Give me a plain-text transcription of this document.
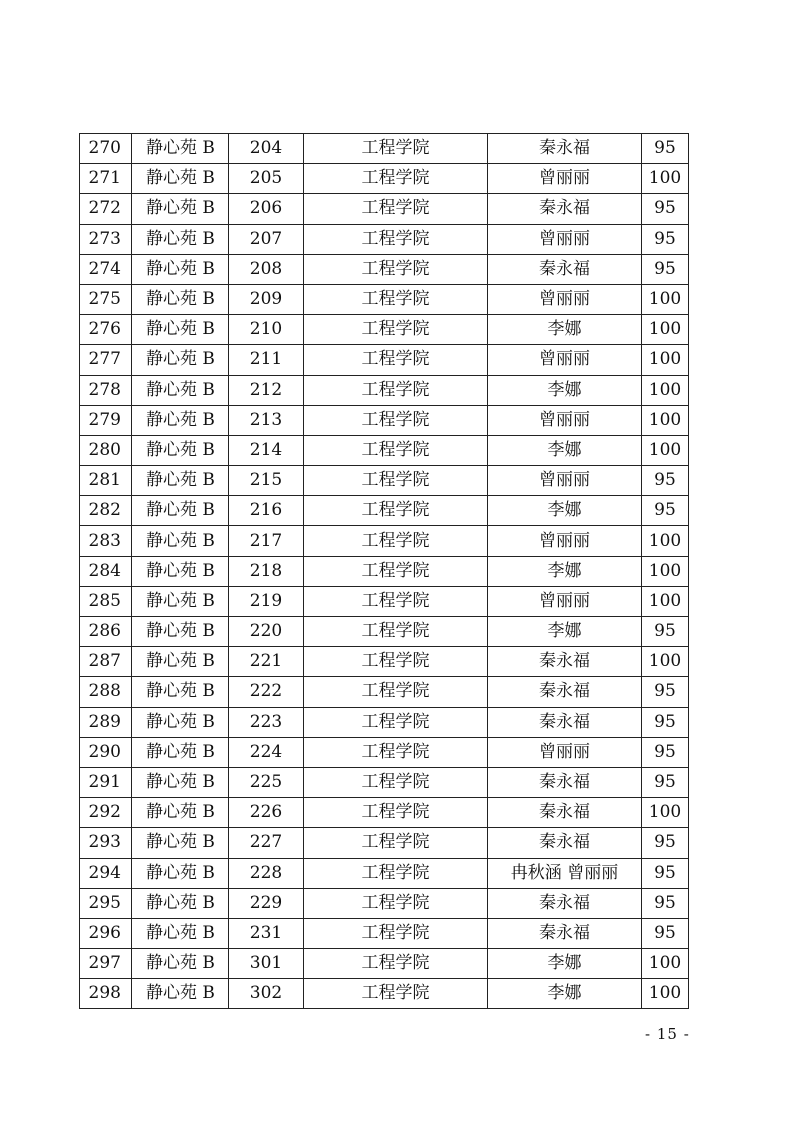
270	静心苑 B	204	工程学院	秦永福	95
271	静心苑 B	205	工程学院	曾丽丽	100
272	静心苑 B	206	工程学院	秦永福	95
273	静心苑 B	207	工程学院	曾丽丽	95
274	静心苑 B	208	工程学院	秦永福	95
275	静心苑 B	209	工程学院	曾丽丽	100
276	静心苑 B	210	工程学院	李娜	100
277	静心苑 B	211	工程学院	曾丽丽	100
278	静心苑 B	212	工程学院	李娜	100
279	静心苑 B	213	工程学院	曾丽丽	100
280	静心苑 B	214	工程学院	李娜	100
281	静心苑 B	215	工程学院	曾丽丽	95
282	静心苑 B	216	工程学院	李娜	95
283	静心苑 B	217	工程学院	曾丽丽	100
284	静心苑 B	218	工程学院	李娜	100
285	静心苑 B	219	工程学院	曾丽丽	100
286	静心苑 B	220	工程学院	李娜	95
287	静心苑 B	221	工程学院	秦永福	100
288	静心苑 B	222	工程学院	秦永福	95
289	静心苑 B	223	工程学院	秦永福	95
290	静心苑 B	224	工程学院	曾丽丽	95
291	静心苑 B	225	工程学院	秦永福	95
292	静心苑 B	226	工程学院	秦永福	100
293	静心苑 B	227	工程学院	秦永福	95
294	静心苑 B	228	工程学院	冉秋涵 曾丽丽	95
295	静心苑 B	229	工程学院	秦永福	95
296	静心苑 B	231	工程学院	秦永福	95
297	静心苑 B	301	工程学院	李娜	100
298	静心苑 B	302	工程学院	李娜	100
- 15 -
